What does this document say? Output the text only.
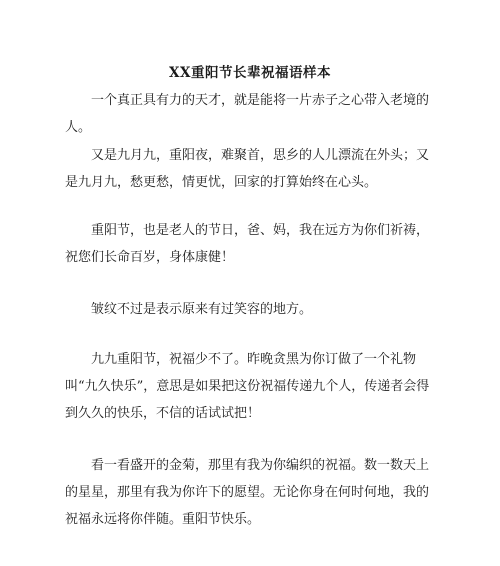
XX重阳节长辈祝福语样本

一个真正具有力的天才，就是能将一片赤子之心带入老境的人。

又是九月九，重阳夜，难聚首，思乡的人儿漂流在外头；又是九月九，愁更愁，情更忧，回家的打算始终在心头。

重阳节，也是老人的节日，爸、妈，我在远方为你们祈祷，祝您们长命百岁，身体康健！

皱纹不过是表示原来有过笑容的地方。

九九重阳节，祝福少不了。昨晚贪黑为你订做了一个礼物叫“九久快乐”，意思是如果把这份祝福传递九个人，传递者会得到久久的快乐，不信的话试试把！

看一看盛开的金菊，那里有我为你编织的祝福。数一数天上的星星，那里有我为你许下的愿望。无论你身在何时何地，我的祝福永远将你伴随。重阳节快乐。
